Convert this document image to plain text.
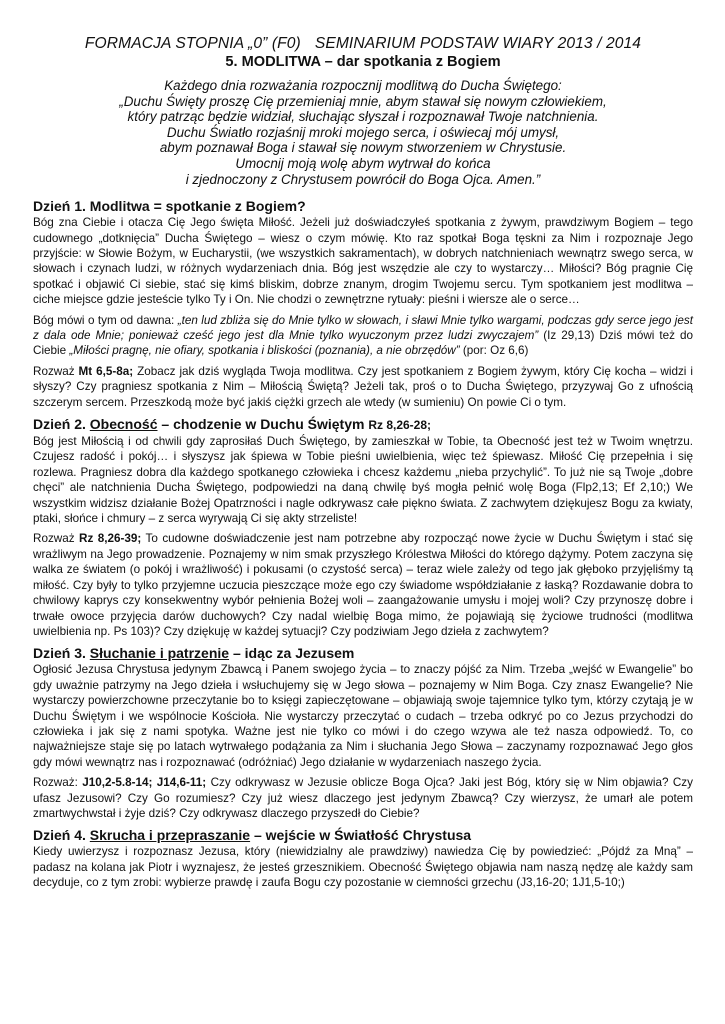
FORMACJA STOPNIA „0” (F0) SEMINARIUM PODSTAW WIARY 2013 / 2014
5. MODLITWA – dar spotkania z Bogiem
Każdego dnia rozważania rozpocznij modlitwą do Ducha Świętego:
„Duchu Święty proszę Cię przemieniaj mnie, abym stawał się nowym człowiekiem,
który patrząc będzie widział, słuchając słyszał i rozpoznawał Twoje natchnienia.
Duchu Światło rozjaśnij mroki mojego serca, i oświecaj mój umysł,
abym poznawał Boga i stawał się nowym stworzeniem w Chrystusie.
Umocnij moją wolę abym wytrwał do końca
i zjednoczony z Chrystusem powrócił do Boga Ojca. Amen.”
Dzień 1. Modlitwa = spotkanie z Bogiem?

Bóg zna Ciebie i otacza Cię Jego święta Miłość. Jeżeli już doświadczyłeś spotkania z żywym, prawdziwym Bogiem – tego cudownego „dotknięcia” Ducha Świętego – wiesz o czym mówię. Kto raz spotkał Boga tęskni za Nim i rozpoznaje Jego przyjście: w Słowie Bożym, w Eucharystii, (we wszystkich sakramentach), w dobrych natchnieniach wewnątrz swego serca, w słowach i czynach ludzi, w różnych wydarzeniach dnia. Bóg jest wszędzie ale czy to wystarczy… Miłości? Bóg pragnie Cię spotkać i objawić Ci siebie, stać się kimś bliskim, dobrze znanym, drogim Twojemu sercu. Tym spotkaniem jest modlitwa – ciche miejsce gdzie jesteście tylko Ty i On. Nie chodzi o zewnętrzne rytuały: pieśni i wiersze ale o serce…

Bóg mówi o tym od dawna: „ten lud zbliża się do Mnie tylko w słowach, i sławi Mnie tylko wargami, podczas gdy serce jego jest z dala ode Mnie; ponieważ cześć jego jest dla Mnie tylko wyuczonym przez ludzi zwyczajem” (Iz 29,13) Dziś mówi też do Ciebie „Miłości pragnę, nie ofiary, spotkania i bliskości (poznania), a nie obrzędów” (por: Oz 6,6)

Rozważ Mt 6,5-8a; Zobacz jak dziś wygląda Twoja modlitwa. Czy jest spotkaniem z Bogiem żywym, który Cię kocha – widzi i słyszy? Czy pragniesz spotkania z Nim – Miłością Świętą? Jeżeli tak, proś o to Ducha Świętego, przyzywaj Go z ufnością szczerym sercem. Przeszkodą może być jakiś ciężki grzech ale wtedy (w sumieniu) On powie Ci o tym.

Dzień 2. Obecność – chodzenie w Duchu Świętym Rz 8,26-28;

Bóg jest Miłością i od chwili gdy zaprosiłaś Duch Świętego, by zamieszkał w Tobie, ta Obecność jest też w Twoim wnętrzu. Czujesz radość i pokój… i słyszysz jak śpiewa w Tobie pieśni uwielbienia, więc też śpiewasz. Miłość Cię przepełnia i się rozlewa. Pragniesz dobra dla każdego spotkanego człowieka i chcesz każdemu „nieba przychylić”. To już nie są Twoje „dobre chęci” ale natchnienia Ducha Świętego, podpowiedzi na daną chwilę byś mogła pełnić wolę Boga (Flp2,13; Ef 2,10;) We wszystkim widzisz działanie Bożej Opatrzności i nagle odkrywasz całe piękno świata. Z zachwytem dziękujesz Bogu za kwiaty, ptaki, słońce i chmury – z serca wyrywają Ci się akty strzeliste!

Rozważ Rz 8,26-39; To cudowne doświadczenie jest nam potrzebne aby rozpocząć nowe życie w Duchu Świętym i stać się wrażliwym na Jego prowadzenie. Poznajemy w nim smak przyszłego Królestwa Miłości do którego dążymy. Potem zaczyna się walka ze światem (o pokój i wrażliwość) i pokusami (o czystość serca) – teraz wiele zależy od tego jak głęboko przyjęliśmy tą miłość. Czy były to tylko przyjemne uczucia pieszczące może ego czy świadome współdziałanie z łaską? Rozdawanie dobra to chwilowy kaprys czy konsekwentny wybór pełnienia Bożej woli – zaangażowanie umysłu i mojej woli? Czy przynoszę dobre i trwałe owoce przyjęcia darów duchowych? Czy nadal wielbię Boga mimo, że pojawiają się życiowe trudności (modlitwa uwielbienia np. Ps 103)? Czy dziękuję w każdej sytuacji? Czy podziwiam Jego dzieła z zachwytem?

Dzień 3. Słuchanie i patrzenie – idąc za Jezusem

Ogłosić Jezusa Chrystusa jedynym Zbawcą i Panem swojego życia – to znaczy pójść za Nim. Trzeba „wejść w Ewangelie” bo gdy uważnie patrzymy na Jego dzieła i wsłuchujemy się w Jego słowa – poznajemy w Nim Boga. Czy znasz Ewangelie? Nie wystarczy powierzchowne przeczytanie bo to księgi zapieczętowane – objawiają swoje tajemnice tylko tym, którzy czytają je w Duchu Świętym i we wspólnocie Kościoła. Nie wystarczy przeczytać o cudach – trzeba odkryć po co Jezus przychodzi do człowieka i jak się z nami spotyka. Ważne jest nie tylko co mówi i do czego wzywa ale też nasza odpowiedź. To, co najważniejsze staje się po latach wytrwałego podążania za Nim i słuchania Jego Słowa – zaczynamy rozpoznawać Jego głos gdy mówi wewnątrz nas i rozpoznawać (odróżniać) Jego działanie w wydarzeniach naszego życia.

Rozważ: J10,2-5.8-14; J14,6-11; Czy odkrywasz w Jezusie oblicze Boga Ojca? Jaki jest Bóg, który się w Nim objawia? Czy ufasz Jezusowi? Czy Go rozumiesz? Czy już wiesz dlaczego jest jedynym Zbawcą? Czy wierzysz, że umarł ale potem zmartwychwstał i żyje dziś? Czy odkrywasz dlaczego przyszedł do Ciebie?

Dzień 4. Skrucha i przepraszanie – wejście w Światłość Chrystusa

Kiedy uwierzysz i rozpoznasz Jezusa, który (niewidzialny ale prawdziwy) nawiedza Cię by powiedzieć: „Pójdź za Mną” – padasz na kolana jak Piotr i wyznajesz, że jesteś grzesznikiem. Obecność Świętego objawia nam naszą nędzę ale każdy sam decyduje, co z tym zrobi: wybierze prawdę i zaufa Bogu czy pozostanie w ciemności grzechu (J3,16-20; 1J1,5-10;)
